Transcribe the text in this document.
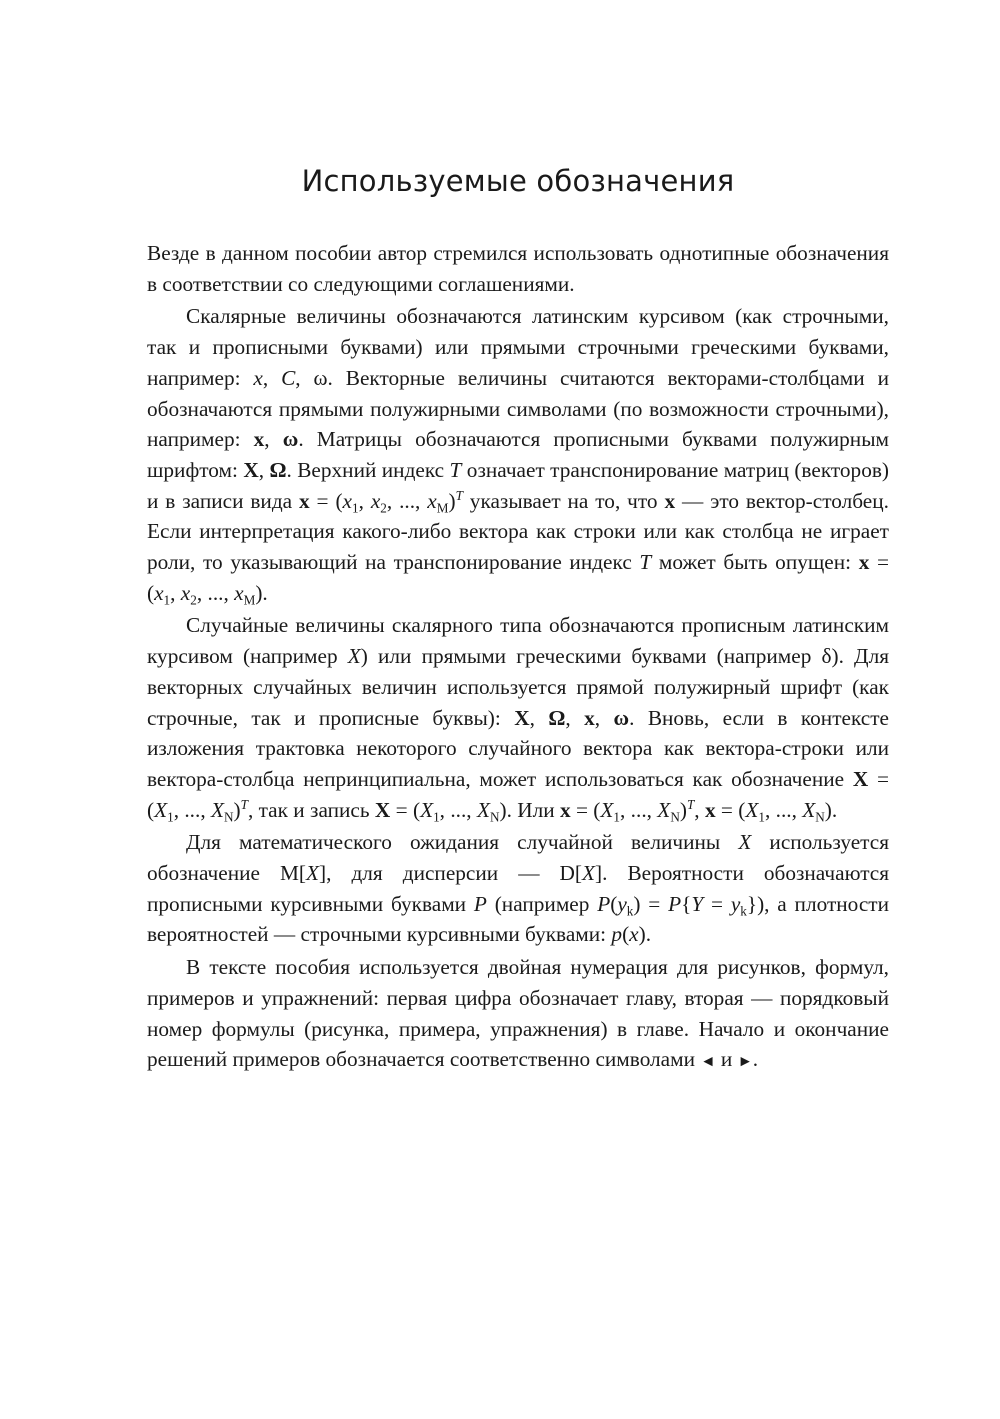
Используемые обозначения

Везде в данном пособии автор стремился использовать однотипные обозначения в соответствии со следующими соглашениями.

Скалярные величины обозначаются латинским курсивом (как строчными, так и прописными буквами) или прямыми строчными греческими буквами, например: x, C, ω. Векторные величины считаются векторами-столбцами и обозначаются прямыми полужирными символами (по возможности строчными), например: x, ω. Матрицы обозначаются прописными буквами полужирным шрифтом: X, Ω. Верхний индекс T означает транспонирование матриц (векторов) и в записи вида $x = (x_1$, $x_2$, ..., $x_M)^T$ указывает на то, что x — это вектор-столбец. Если интерпретация какого-либо вектора как строки или как столбца не играет роли, то указывающий на транспонирование индекс T может быть опущен: $x = (x_1$, $x_2$, ..., $x_M$).

Случайные величины скалярного типа обозначаются прописным латинским курсивом (например X) или прямыми греческими буквами (например δ). Для векторных случайных величин используется прямой полужирный шрифт (как строчные, так и прописные буквы): X, Ω, x, ω. Вновь, если в контексте изложения трактовка некоторого случайного вектора как вектора-строки или вектора-столбца непринципиальна, может использоваться как обозначение $X = (X_1$, ..., $X_N)^T$, так и запись $X = (X_1$, ..., $X_N$). Или $x = (X_1$, ..., $X_N)^T$, $x = (X_1$, ..., $X_N$).

Для математического ожидания случайной величины X используется обозначение M[X], для дисперсии — D[X]. Вероятности обозначаются прописными курсивными буквами P (например $P(y_k) = P\{Y = y_k\}$), а плотности вероятностей — строчными курсивными буквами: p(x).

В тексте пособия используется двойная нумерация для рисунков, формул, примеров и упражнений: первая цифра обозначает главу, вторая — порядковый номер формулы (рисунка, примера, упражнения) в главе. Начало и окончание решений примеров обозначается соответственно символами ◄ и ►.
